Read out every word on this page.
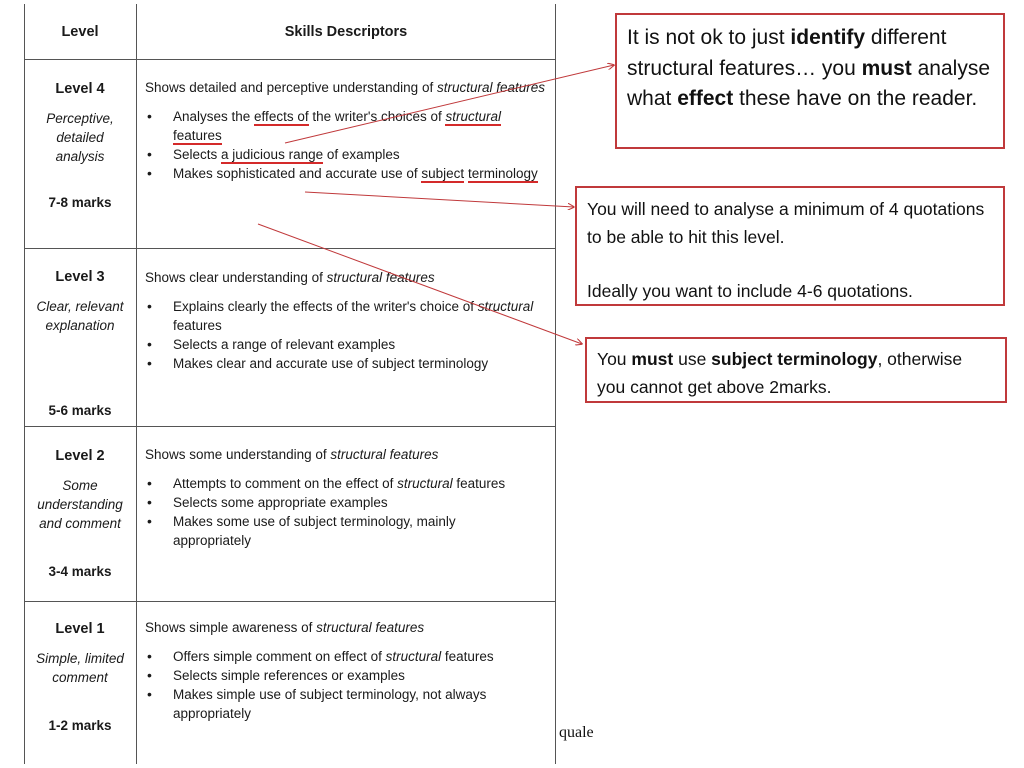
Level	Skills Descriptors
Level 4
Perceptive, detailed analysis
7-8 marks

Shows detailed and perceptive understanding of structural features

• Analyses the effects of the writer's choices of structural features
• Selects a judicious range of examples
• Makes sophisticated and accurate use of subject terminology
Level 3
Clear, relevant explanation
5-6 marks

Shows clear understanding of structural features

• Explains clearly the effects of the writer's choice of structural features
• Selects a range of relevant examples
• Makes clear and accurate use of subject terminology
Level 2
Some understanding and comment
3-4 marks

Shows some understanding of structural features

• Attempts to comment on the effect of structural features
• Selects some appropriate examples
• Makes some use of subject terminology, mainly appropriately
Level 1
Simple, limited comment
1-2 marks

Shows simple awareness of structural features

• Offers simple comment on effect of structural features
• Selects simple references or examples
• Makes simple use of subject terminology, not always appropriately

It is not ok to just identify different structural features… you must analyse what effect these have on the reader.

You will need to analyse a minimum of 4 quotations to be able to hit this level.

Ideally you want to include 4-6 quotations.

You must use subject terminology, otherwise you cannot get above 2marks.

quale
